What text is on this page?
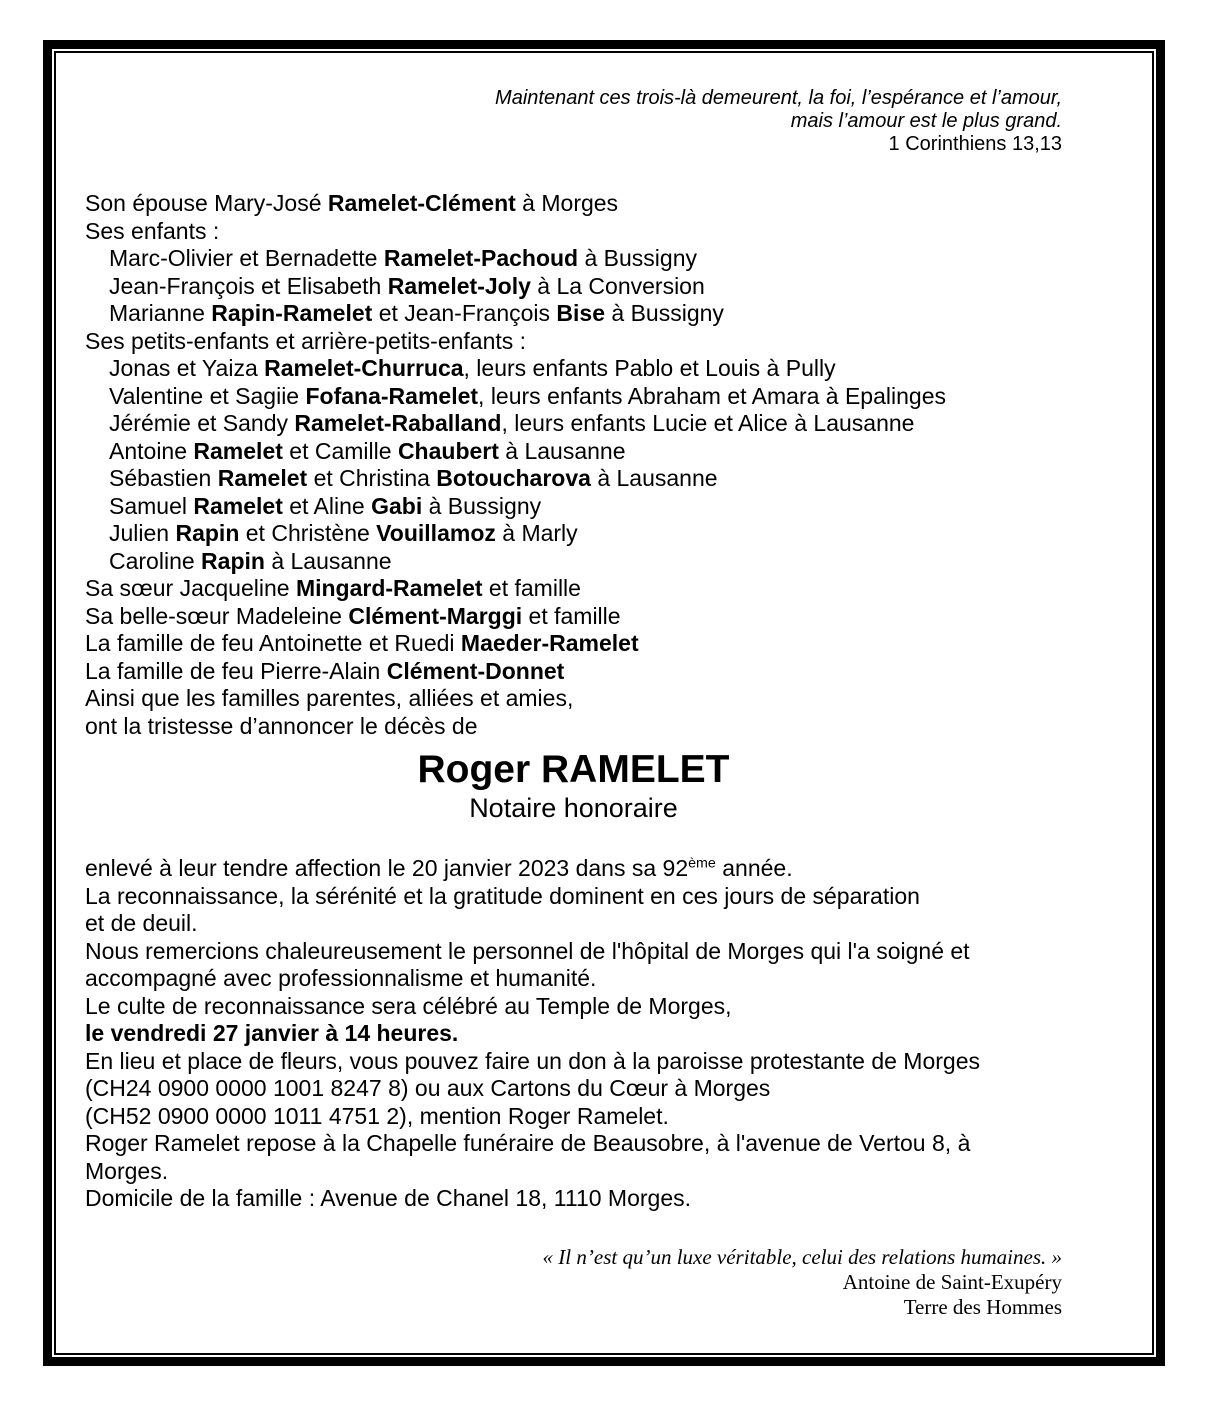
Maintenant ces trois-là demeurent, la foi, l’espérance et l’amour,
mais l’amour est le plus grand.
1 Corinthiens 13,13
Son épouse Mary-José Ramelet-Clément à Morges
Ses enfants :
Marc-Olivier et Bernadette Ramelet-Pachoud à Bussigny
Jean-François et Elisabeth Ramelet-Joly à La Conversion
Marianne Rapin-Ramelet et Jean-François Bise à Bussigny
Ses petits-enfants et arrière-petits-enfants :
Jonas et Yaiza Ramelet-Churruca, leurs enfants Pablo et Louis à Pully
Valentine et Sagiie Fofana-Ramelet, leurs enfants Abraham et Amara à Epalinges
Jérémie et Sandy Ramelet-Raballand, leurs enfants Lucie et Alice à Lausanne
Antoine Ramelet et Camille Chaubert à Lausanne
Sébastien Ramelet et Christina Botoucharova à Lausanne
Samuel Ramelet et Aline Gabi à Bussigny
Julien Rapin et Christène Vouillamoz à Marly
Caroline Rapin à Lausanne
Sa sœur Jacqueline Mingard-Ramelet et famille
Sa belle-sœur Madeleine Clément-Marggi et famille
La famille de feu Antoinette et Ruedi Maeder-Ramelet
La famille de feu Pierre-Alain Clément-Donnet
Ainsi que les familles parentes, alliées et amies,
ont la tristesse d’annoncer le décès de
Roger RAMELET
Notaire honoraire
enlevé à leur tendre affection le 20 janvier 2023 dans sa 92ème année.
La reconnaissance, la sérénité et la gratitude dominent en ces jours de séparation
et de deuil.
Nous remercions chaleureusement le personnel de l'hôpital de Morges qui l'a soigné et
accompagné avec professionnalisme et humanité.
Le culte de reconnaissance sera célébré au Temple de Morges,
le vendredi 27 janvier à 14 heures.
En lieu et place de fleurs, vous pouvez faire un don à la paroisse protestante de Morges
(CH24 0900 0000 1001 8247 8) ou aux Cartons du Cœur à Morges
(CH52 0900 0000 1011 4751 2), mention Roger Ramelet.
Roger Ramelet repose à la Chapelle funéraire de Beausobre, à l'avenue de Vertou 8, à
Morges.
Domicile de la famille : Avenue de Chanel 18, 1110 Morges.
« Il n’est qu’un luxe véritable, celui des relations humaines. »
Antoine de Saint-Exupéry
Terre des Hommes
